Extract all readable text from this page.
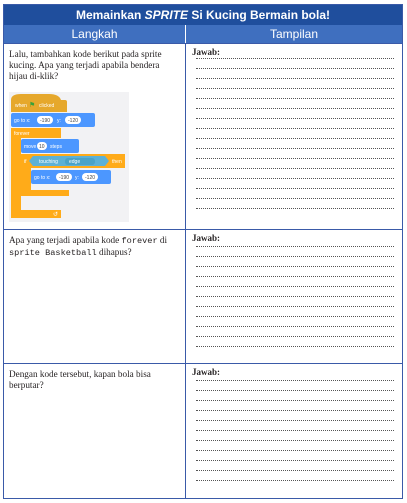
Memainkan SPRITE Si Kucing Bermain bola!
Langkah	Tampilan
Lalu, tambahkan kode berikut pada sprite kucing. Apa yang terjadi apabila bendera hijau di-klik?
when ⚑ clicked
go to x: -190 y: -120
forever
↺
move 10 steps
if	touching edge	then
go to x: -190 y: -120
Jawab:
Apa yang terjadi apabila kode forever di sprite Basketball dihapus?
Jawab:
Dengan kode tersebut, kapan bola bisa berputar?
Jawab:
